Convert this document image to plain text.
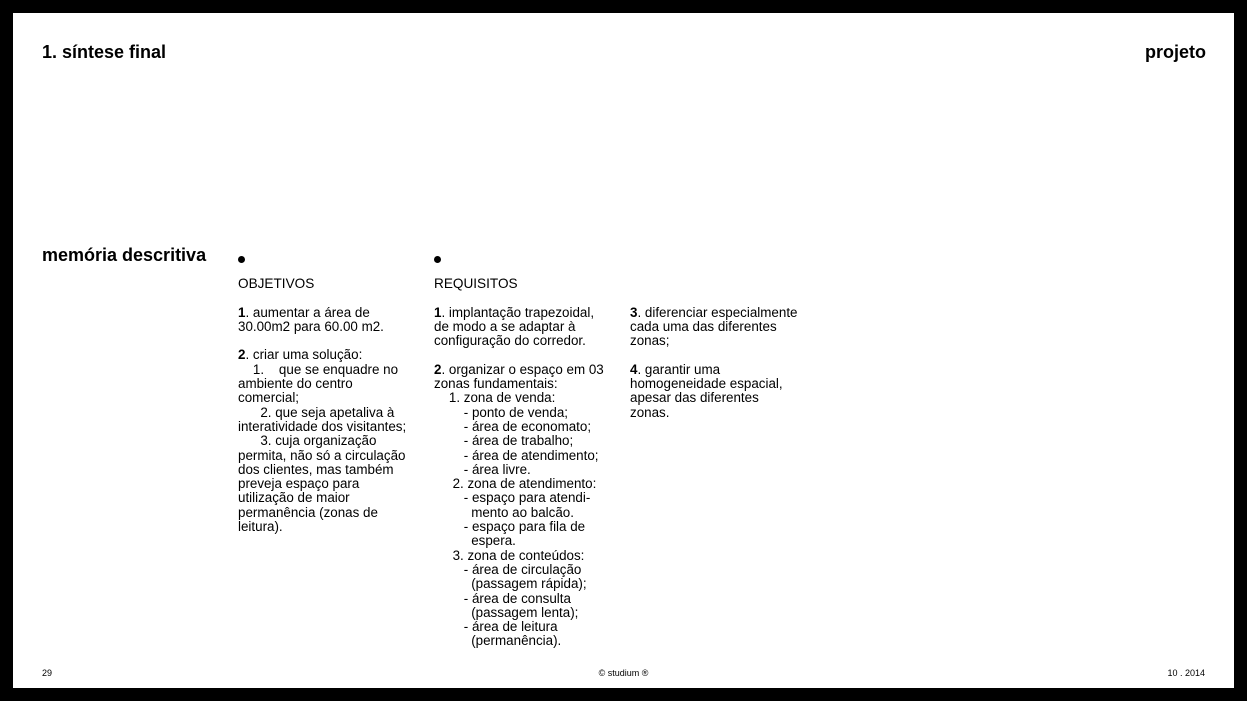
1. síntese final	projeto
memória descritiva
OBJETIVOS

1. aumentar a área de

30.00m2 para 60.00 m2.

2. criar uma solução:

1.    que se enquadre no

ambiente do centro

comercial;

2. que seja apetaliva à

interatividade dos visitantes;

3. cuja organização

permita, não só a circulação

dos clientes, mas também

preveja espaço para

utilização de maior

permanência (zonas de

leitura).

REQUISITOS

1. implantação trapezoidal,

de modo a se adaptar à

configuração do corredor.

2. organizar o espaço em 03

zonas fundamentais:

1. zona de venda:

- ponto de venda;

- área de economato;

- área de trabalho;

- área de atendimento;

- área livre.

2. zona de atendimento:

- espaço para atendi-

mento ao balcão.

- espaço para fila de

espera.

3. zona de conteúdos:

- área de circulação

(passagem rápida);

- área de consulta

(passagem lenta);

- área de leitura

(permanência).

3. diferenciar especialmente

cada uma das diferentes

zonas;

4. garantir uma

homogeneidade espacial,

apesar das diferentes

zonas.

29	© studium ®	10 . 2014
